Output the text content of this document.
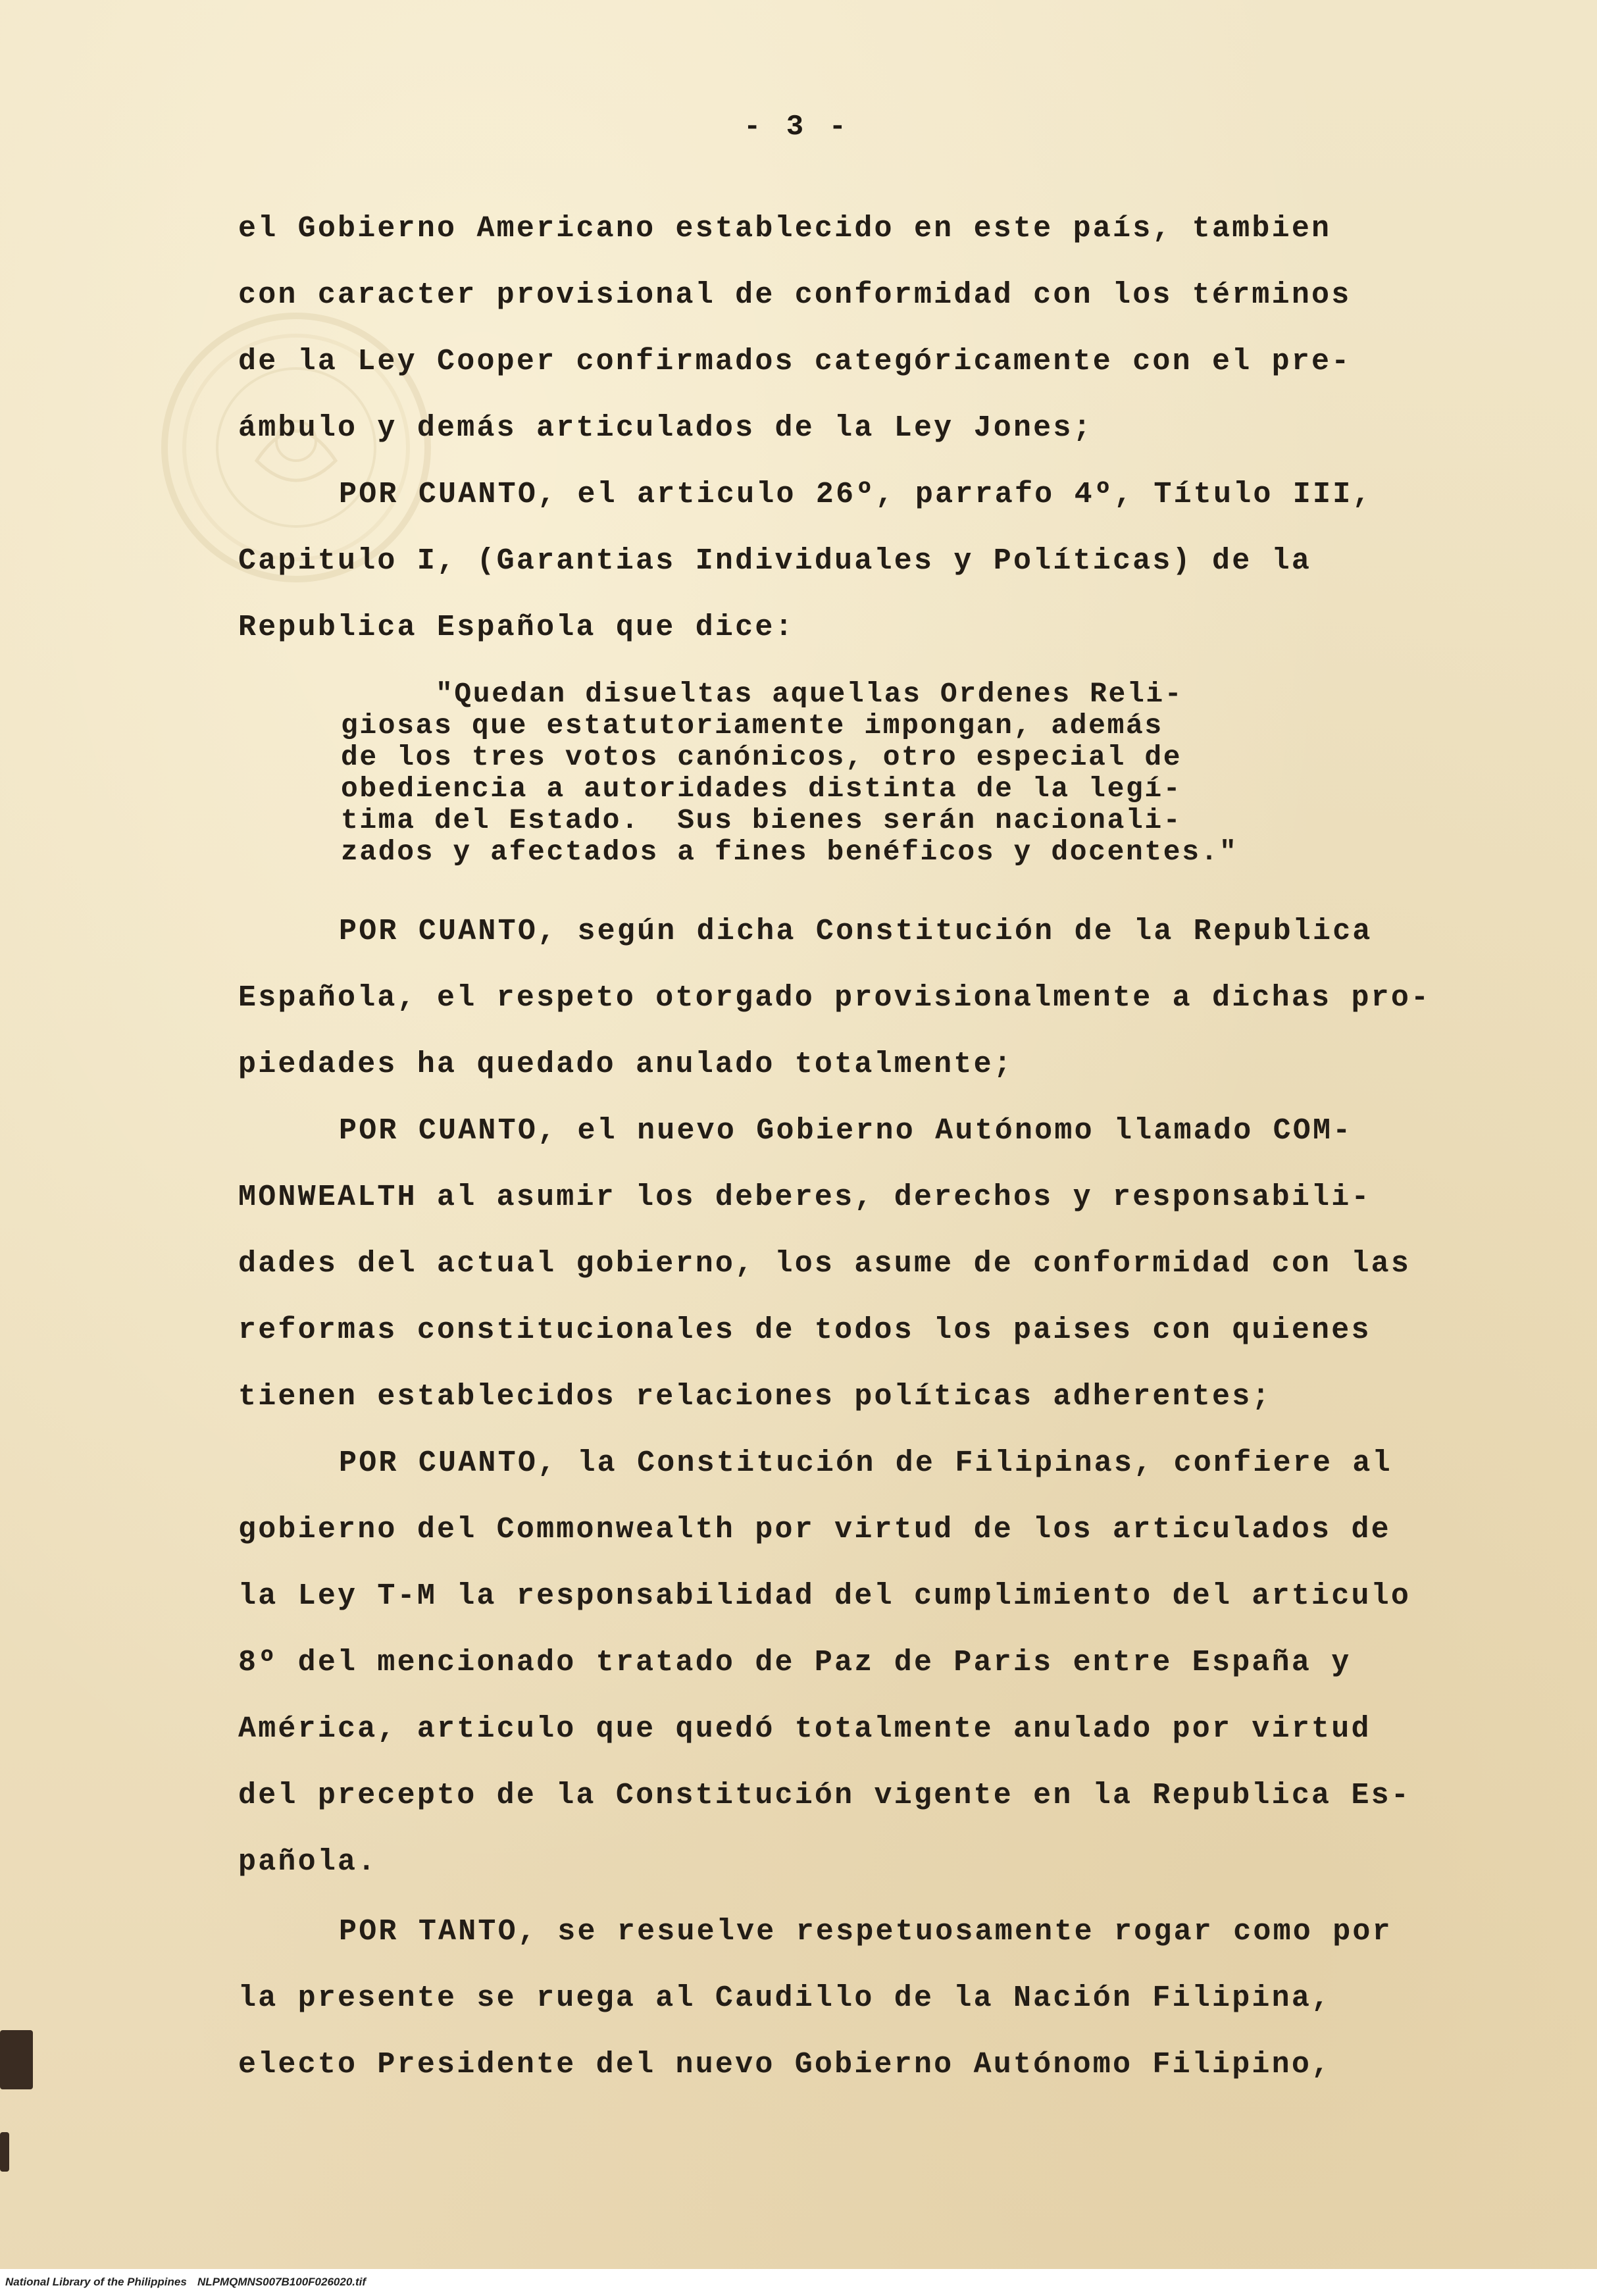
- 3 -
el Gobierno Americano establecido en este país, tambien
con caracter provisional de conformidad con los términos
de la Ley Cooper confirmados categóricamente con el pre-
ámbulo y demás articulados de la Ley Jones;
POR CUANTO, el articulo 26º, parrafo 4º, Título III,
Capitulo I, (Garantias Individuales y Políticas) de la
Republica Española que dice:
"Quedan disueltas aquellas Ordenes Reli-
giosas que estatutoriamente impongan, además
de los tres votos canónicos, otro especial de
obediencia a autoridades distinta de la legí-
tima del Estado.  Sus bienes serán nacionali-
zados y afectados a fines benéficos y docentes."
POR CUANTO, según dicha Constitución de la Republica
Española, el respeto otorgado provisionalmente a dichas pro-
piedades ha quedado anulado totalmente;
POR CUANTO, el nuevo Gobierno Autónomo llamado COM-
MONWEALTH al asumir los deberes, derechos y responsabili-
dades del actual gobierno, los asume de conformidad con las
reformas constitucionales de todos los paises con quienes
tienen establecidos relaciones políticas adherentes;
POR CUANTO, la Constitución de Filipinas, confiere al
gobierno del Commonwealth por virtud de los articulados de
la Ley T-M la responsabilidad del cumplimiento del articulo
8º del mencionado tratado de Paz de Paris entre España y
América, articulo que quedó totalmente anulado por virtud
del precepto de la Constitución vigente en la Republica Es-
pañola.
POR TANTO, se resuelve respetuosamente rogar como por
la presente se ruega al Caudillo de la Nación Filipina,
electo Presidente del nuevo Gobierno Autónomo Filipino,
National Library of the Philippines NLPMQMNS007B100F026020.tif
